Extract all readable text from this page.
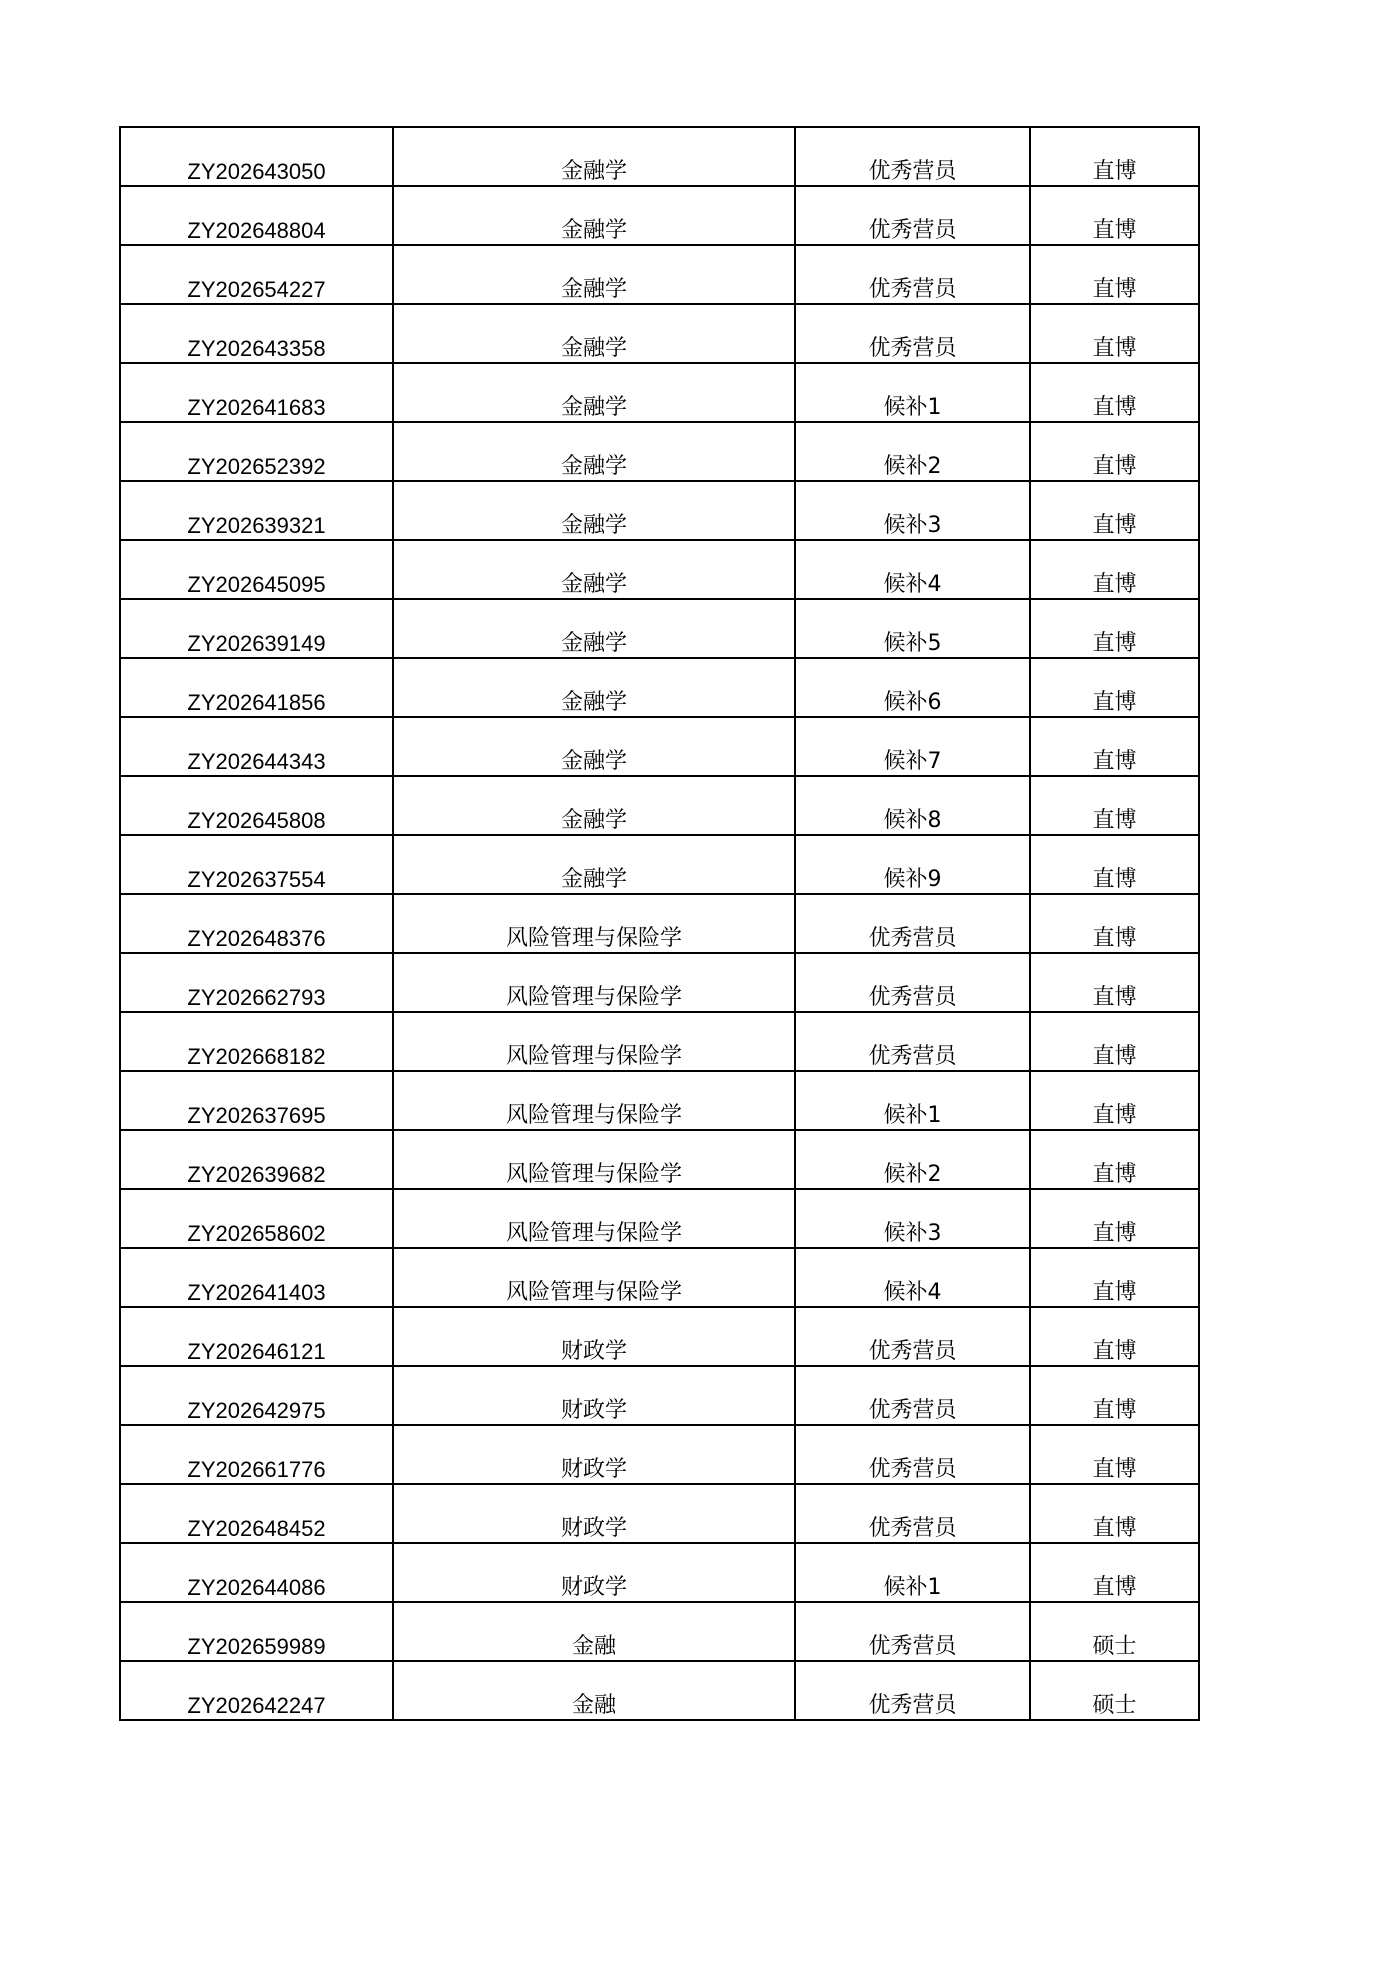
ZY202643050	金融学	优秀营员	直博
ZY202648804	金融学	优秀营员	直博
ZY202654227	金融学	优秀营员	直博
ZY202643358	金融学	优秀营员	直博
ZY202641683	金融学	候补1	直博
ZY202652392	金融学	候补2	直博
ZY202639321	金融学	候补3	直博
ZY202645095	金融学	候补4	直博
ZY202639149	金融学	候补5	直博
ZY202641856	金融学	候补6	直博
ZY202644343	金融学	候补7	直博
ZY202645808	金融学	候补8	直博
ZY202637554	金融学	候补9	直博
ZY202648376	风险管理与保险学	优秀营员	直博
ZY202662793	风险管理与保险学	优秀营员	直博
ZY202668182	风险管理与保险学	优秀营员	直博
ZY202637695	风险管理与保险学	候补1	直博
ZY202639682	风险管理与保险学	候补2	直博
ZY202658602	风险管理与保险学	候补3	直博
ZY202641403	风险管理与保险学	候补4	直博
ZY202646121	财政学	优秀营员	直博
ZY202642975	财政学	优秀营员	直博
ZY202661776	财政学	优秀营员	直博
ZY202648452	财政学	优秀营员	直博
ZY202644086	财政学	候补1	直博
ZY202659989	金融	优秀营员	硕士
ZY202642247	金融	优秀营员	硕士
